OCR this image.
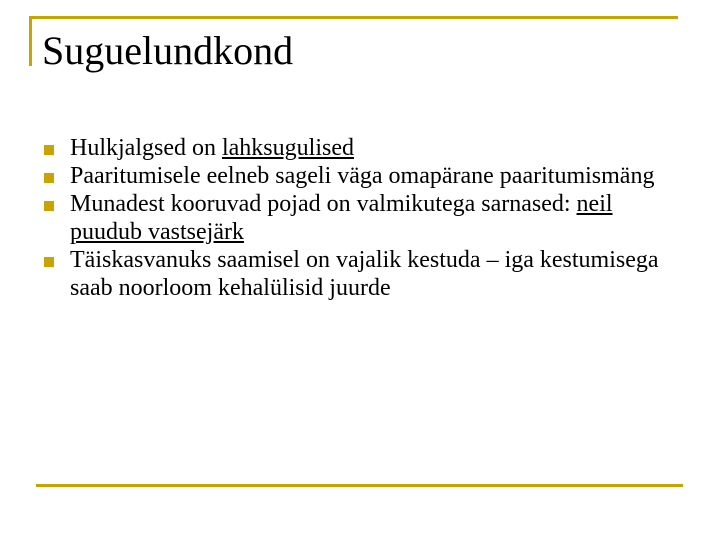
Suguelundkond
Hulkjalgsed on lahksugulised
Paaritumisele eelneb sageli väga omapärane paaritumismäng
Munadest kooruvad pojad on valmikutega sarnased: neil puudub vastsejärk
Täiskasvanuks saamisel on vajalik kestuda – iga kestumisega saab noorloom kehalülisid juurde
